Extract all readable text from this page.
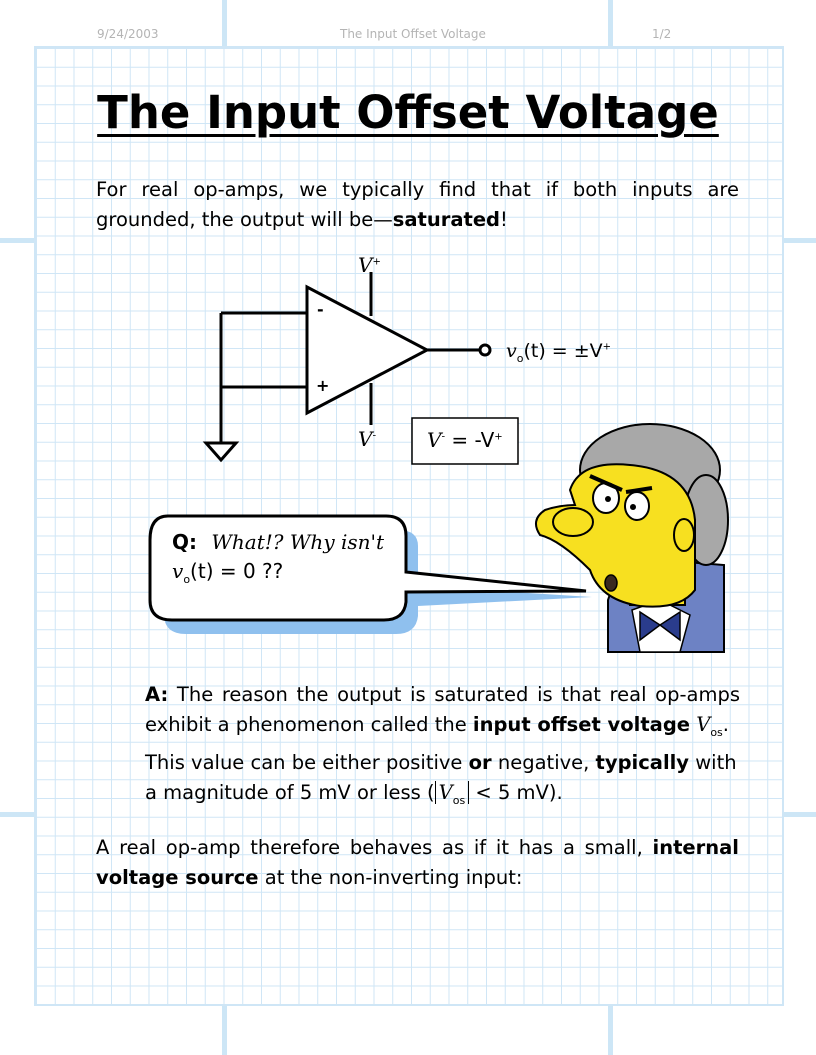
9/24/2003	The Input Offset Voltage	1/2
The Input Offset Voltage
For real op-amps, we typically find that if both inputs are
grounded, the output will be—saturated!
V+
V-
-
+
$v_o(t) = \pm V^+$
V- = -V+
Q: What!? Why isn't
$v_o(t) = 0$ ??
A: The reason the output is saturated is that real op-amps
exhibit a phenomenon called the input offset voltage $V_{os}$.
This value can be either positive or negative, typically with
a magnitude of 5 mV or less ( $V_{os} < 5$ mV).
A real op-amp therefore behaves as if it has a small, internal
voltage source at the non-inverting input:
